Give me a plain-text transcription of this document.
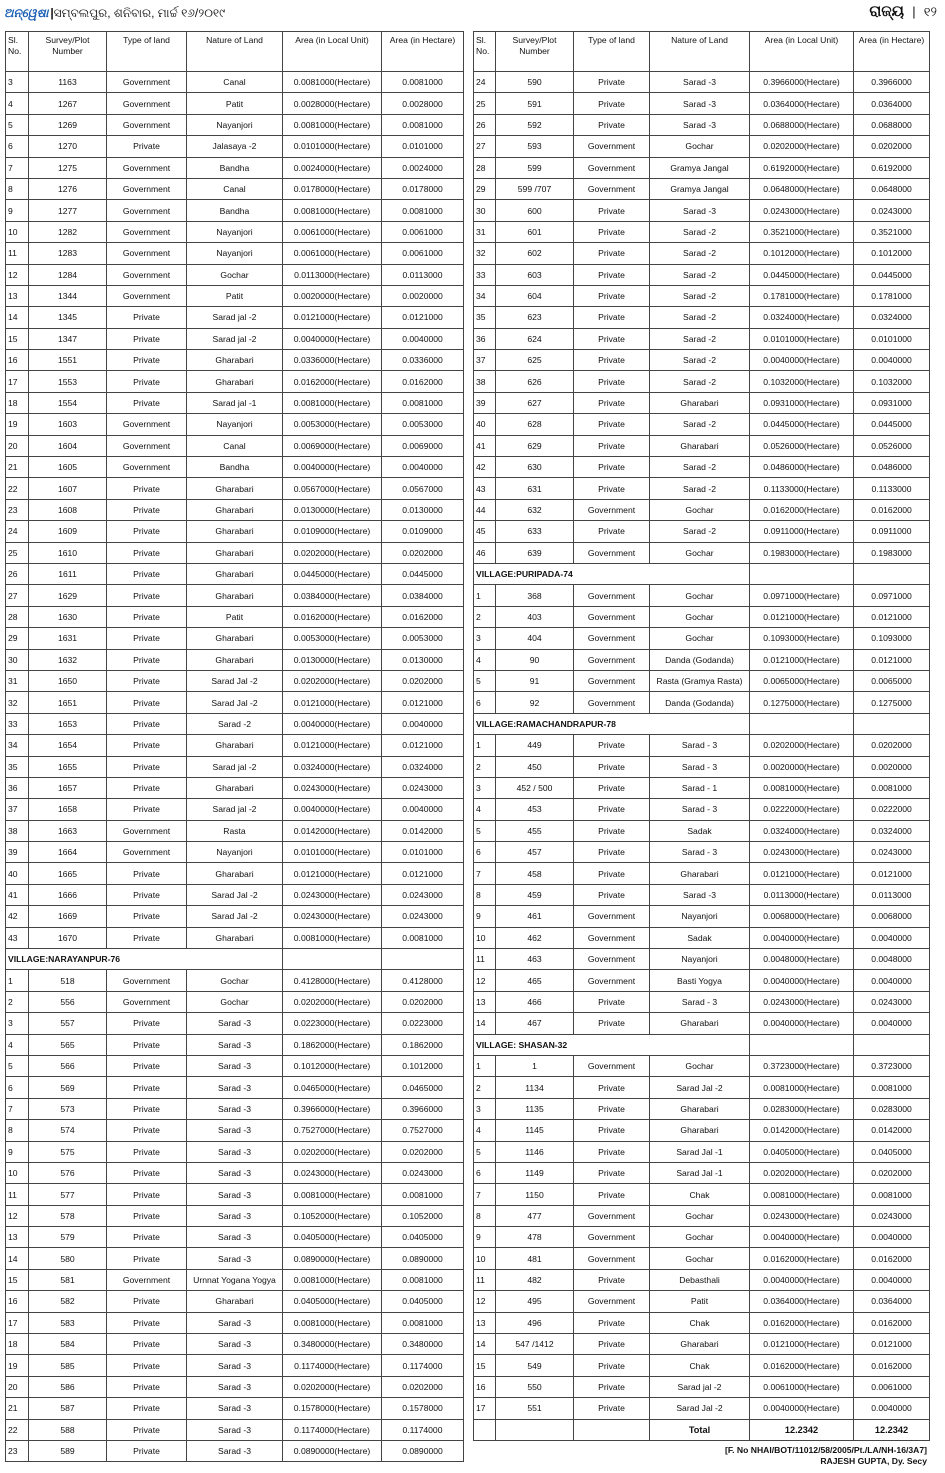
ଅନ୍ୱେଷା |ସମ୍ବଲପୁର, ଶନିବାର, ମାର୍ଚ୍ଚ ୧୬/୨୦୧୯	ରାଜ୍ୟ | ୧୨
Sl. No.	Survey/Plot Number	Type of land	Nature of Land	Area (in Local Unit)	Area (in Hectare)
3	1163	Government	Canal	0.0081000(Hectare)	0.0081000
4	1267	Government	Patit	0.0028000(Hectare)	0.0028000
5	1269	Government	Nayanjori	0.0081000(Hectare)	0.0081000
6	1270	Private	Jalasaya -2	0.0101000(Hectare)	0.0101000
7	1275	Government	Bandha	0.0024000(Hectare)	0.0024000
8	1276	Government	Canal	0.0178000(Hectare)	0.0178000
9	1277	Government	Bandha	0.0081000(Hectare)	0.0081000
10	1282	Government	Nayanjori	0.0061000(Hectare)	0.0061000
11	1283	Government	Nayanjori	0.0061000(Hectare)	0.0061000
12	1284	Government	Gochar	0.0113000(Hectare)	0.0113000
13	1344	Government	Patit	0.0020000(Hectare)	0.0020000
14	1345	Private	Sarad jal -2	0.0121000(Hectare)	0.0121000
15	1347	Private	Sarad jal -2	0.0040000(Hectare)	0.0040000
16	1551	Private	Gharabari	0.0336000(Hectare)	0.0336000
17	1553	Private	Gharabari	0.0162000(Hectare)	0.0162000
18	1554	Private	Sarad jal -1	0.0081000(Hectare)	0.0081000
19	1603	Government	Nayanjori	0.0053000(Hectare)	0.0053000
20	1604	Government	Canal	0.0069000(Hectare)	0.0069000
21	1605	Government	Bandha	0.0040000(Hectare)	0.0040000
22	1607	Private	Gharabari	0.0567000(Hectare)	0.0567000
23	1608	Private	Gharabari	0.0130000(Hectare)	0.0130000
24	1609	Private	Gharabari	0.0109000(Hectare)	0.0109000
25	1610	Private	Gharabari	0.0202000(Hectare)	0.0202000
26	1611	Private	Gharabari	0.0445000(Hectare)	0.0445000
27	1629	Private	Gharabari	0.0384000(Hectare)	0.0384000
28	1630	Private	Patit	0.0162000(Hectare)	0.0162000
29	1631	Private	Gharabari	0.0053000(Hectare)	0.0053000
30	1632	Private	Gharabari	0.0130000(Hectare)	0.0130000
31	1650	Private	Sarad Jal -2	0.0202000(Hectare)	0.0202000
32	1651	Private	Sarad Jal -2	0.0121000(Hectare)	0.0121000
33	1653	Private	Sarad -2	0.0040000(Hectare)	0.0040000
34	1654	Private	Gharabari	0.0121000(Hectare)	0.0121000
35	1655	Private	Sarad jal -2	0.0324000(Hectare)	0.0324000
36	1657	Private	Gharabari	0.0243000(Hectare)	0.0243000
37	1658	Private	Sarad jal -2	0.0040000(Hectare)	0.0040000
38	1663	Government	Rasta	0.0142000(Hectare)	0.0142000
39	1664	Government	Nayanjori	0.0101000(Hectare)	0.0101000
40	1665	Private	Gharabari	0.0121000(Hectare)	0.0121000
41	1666	Private	Sarad Jal -2	0.0243000(Hectare)	0.0243000
42	1669	Private	Sarad Jal -2	0.0243000(Hectare)	0.0243000
43	1670	Private	Gharabari	0.0081000(Hectare)	0.0081000
VILLAGE:NARAYANPUR-76					
1	518	Government	Gochar	0.4128000(Hectare)	0.4128000
2	556	Government	Gochar	0.0202000(Hectare)	0.0202000
3	557	Private	Sarad -3	0.0223000(Hectare)	0.0223000
4	565	Private	Sarad -3	0.1862000(Hectare)	0.1862000
5	566	Private	Sarad -3	0.1012000(Hectare)	0.1012000
6	569	Private	Sarad -3	0.0465000(Hectare)	0.0465000
7	573	Private	Sarad -3	0.3966000(Hectare)	0.3966000
8	574	Private	Sarad -3	0.7527000(Hectare)	0.7527000
9	575	Private	Sarad -3	0.0202000(Hectare)	0.0202000
10	576	Private	Sarad -3	0.0243000(Hectare)	0.0243000
11	577	Private	Sarad -3	0.0081000(Hectare)	0.0081000
12	578	Private	Sarad -3	0.1052000(Hectare)	0.1052000
13	579	Private	Sarad -3	0.0405000(Hectare)	0.0405000
14	580	Private	Sarad -3	0.0890000(Hectare)	0.0890000
15	581	Government	Urnnat Yogana Yogya	0.0081000(Hectare)	0.0081000
16	582	Private	Gharabari	0.0405000(Hectare)	0.0405000
17	583	Private	Sarad -3	0.0081000(Hectare)	0.0081000
18	584	Private	Sarad -3	0.3480000(Hectare)	0.3480000
19	585	Private	Sarad -3	0.1174000(Hectare)	0.1174000
20	586	Private	Sarad -3	0.0202000(Hectare)	0.0202000
21	587	Private	Sarad -3	0.1578000(Hectare)	0.1578000
22	588	Private	Sarad -3	0.1174000(Hectare)	0.1174000
23	589	Private	Sarad -3	0.0890000(Hectare)	0.0890000
Sl. No.	Survey/Plot Number	Type of land	Nature of Land	Area (in Local Unit)	Area (in Hectare)
24	590	Private	Sarad -3	0.3966000(Hectare)	0.3966000
25	591	Private	Sarad -3	0.0364000(Hectare)	0.0364000
26	592	Private	Sarad -3	0.0688000(Hectare)	0.0688000
27	593	Government	Gochar	0.0202000(Hectare)	0.0202000
28	599	Government	Gramya Jangal	0.6192000(Hectare)	0.6192000
29	599 /707	Government	Gramya Jangal	0.0648000(Hectare)	0.0648000
30	600	Private	Sarad -3	0.0243000(Hectare)	0.0243000
31	601	Private	Sarad -2	0.3521000(Hectare)	0.3521000
32	602	Private	Sarad -2	0.1012000(Hectare)	0.1012000
33	603	Private	Sarad -2	0.0445000(Hectare)	0.0445000
34	604	Private	Sarad -2	0.1781000(Hectare)	0.1781000
35	623	Private	Sarad -2	0.0324000(Hectare)	0.0324000
36	624	Private	Sarad -2	0.0101000(Hectare)	0.0101000
37	625	Private	Sarad -2	0.0040000(Hectare)	0.0040000
38	626	Private	Sarad -2	0.1032000(Hectare)	0.1032000
39	627	Private	Gharabari	0.0931000(Hectare)	0.0931000
40	628	Private	Sarad -2	0.0445000(Hectare)	0.0445000
41	629	Private	Gharabari	0.0526000(Hectare)	0.0526000
42	630	Private	Sarad -2	0.0486000(Hectare)	0.0486000
43	631	Private	Sarad -2	0.1133000(Hectare)	0.1133000
44	632	Government	Gochar	0.0162000(Hectare)	0.0162000
45	633	Private	Sarad -2	0.0911000(Hectare)	0.0911000
46	639	Government	Gochar	0.1983000(Hectare)	0.1983000
VILLAGE:PURIPADA-74					
1	368	Government	Gochar	0.0971000(Hectare)	0.0971000
2	403	Government	Gochar	0.0121000(Hectare)	0.0121000
3	404	Government	Gochar	0.1093000(Hectare)	0.1093000
4	90	Government	Danda (Godanda)	0.0121000(Hectare)	0.0121000
5	91	Government	Rasta (Gramya Rasta)	0.0065000(Hectare)	0.0065000
6	92	Government	Danda (Godanda)	0.1275000(Hectare)	0.1275000
VILLAGE:RAMACHANDRAPUR-78					
1	449	Private	Sarad - 3	0.0202000(Hectare)	0.0202000
2	450	Private	Sarad - 3	0.0020000(Hectare)	0.0020000
3	452 / 500	Private	Sarad - 1	0.0081000(Hectare)	0.0081000
4	453	Private	Sarad - 3	0.0222000(Hectare)	0.0222000
5	455	Private	Sadak	0.0324000(Hectare)	0.0324000
6	457	Private	Sarad - 3	0.0243000(Hectare)	0.0243000
7	458	Private	Gharabari	0.0121000(Hectare)	0.0121000
8	459	Private	Sarad -3	0.0113000(Hectare)	0.0113000
9	461	Government	Nayanjori	0.0068000(Hectare)	0.0068000
10	462	Government	Sadak	0.0040000(Hectare)	0.0040000
11	463	Government	Nayanjori	0.0048000(Hectare)	0.0048000
12	465	Government	Basti Yogya	0.0040000(Hectare)	0.0040000
13	466	Private	Sarad - 3	0.0243000(Hectare)	0.0243000
14	467	Private	Gharabari	0.0040000(Hectare)	0.0040000
VILLAGE: SHASAN-32					
1	1	Government	Gochar	0.3723000(Hectare)	0.3723000
2	1134	Private	Sarad Jal -2	0.0081000(Hectare)	0.0081000
3	1135	Private	Gharabari	0.0283000(Hectare)	0.0283000
4	1145	Private	Gharabari	0.0142000(Hectare)	0.0142000
5	1146	Private	Sarad Jal -1	0.0405000(Hectare)	0.0405000
6	1149	Private	Sarad Jal -1	0.0202000(Hectare)	0.0202000
7	1150	Private	Chak	0.0081000(Hectare)	0.0081000
8	477	Government	Gochar	0.0243000(Hectare)	0.0243000
9	478	Government	Gochar	0.0040000(Hectare)	0.0040000
10	481	Government	Gochar	0.0162000(Hectare)	0.0162000
11	482	Private	Debasthali	0.0040000(Hectare)	0.0040000
12	495	Government	Patit	0.0364000(Hectare)	0.0364000
13	496	Private	Chak	0.0162000(Hectare)	0.0162000
14	547 /1412	Private	Gharabari	0.0121000(Hectare)	0.0121000
15	549	Private	Chak	0.0162000(Hectare)	0.0162000
16	550	Private	Sarad jal -2	0.0061000(Hectare)	0.0061000
17	551	Private	Sarad Jal -2	0.0040000(Hectare)	0.0040000
			Total	12.2342	12.2342
[F. No NHAI/BOT/11012/58/2005/Pt./LA/NH-16/3A7]
RAJESH GUPTA, Dy. Secy
